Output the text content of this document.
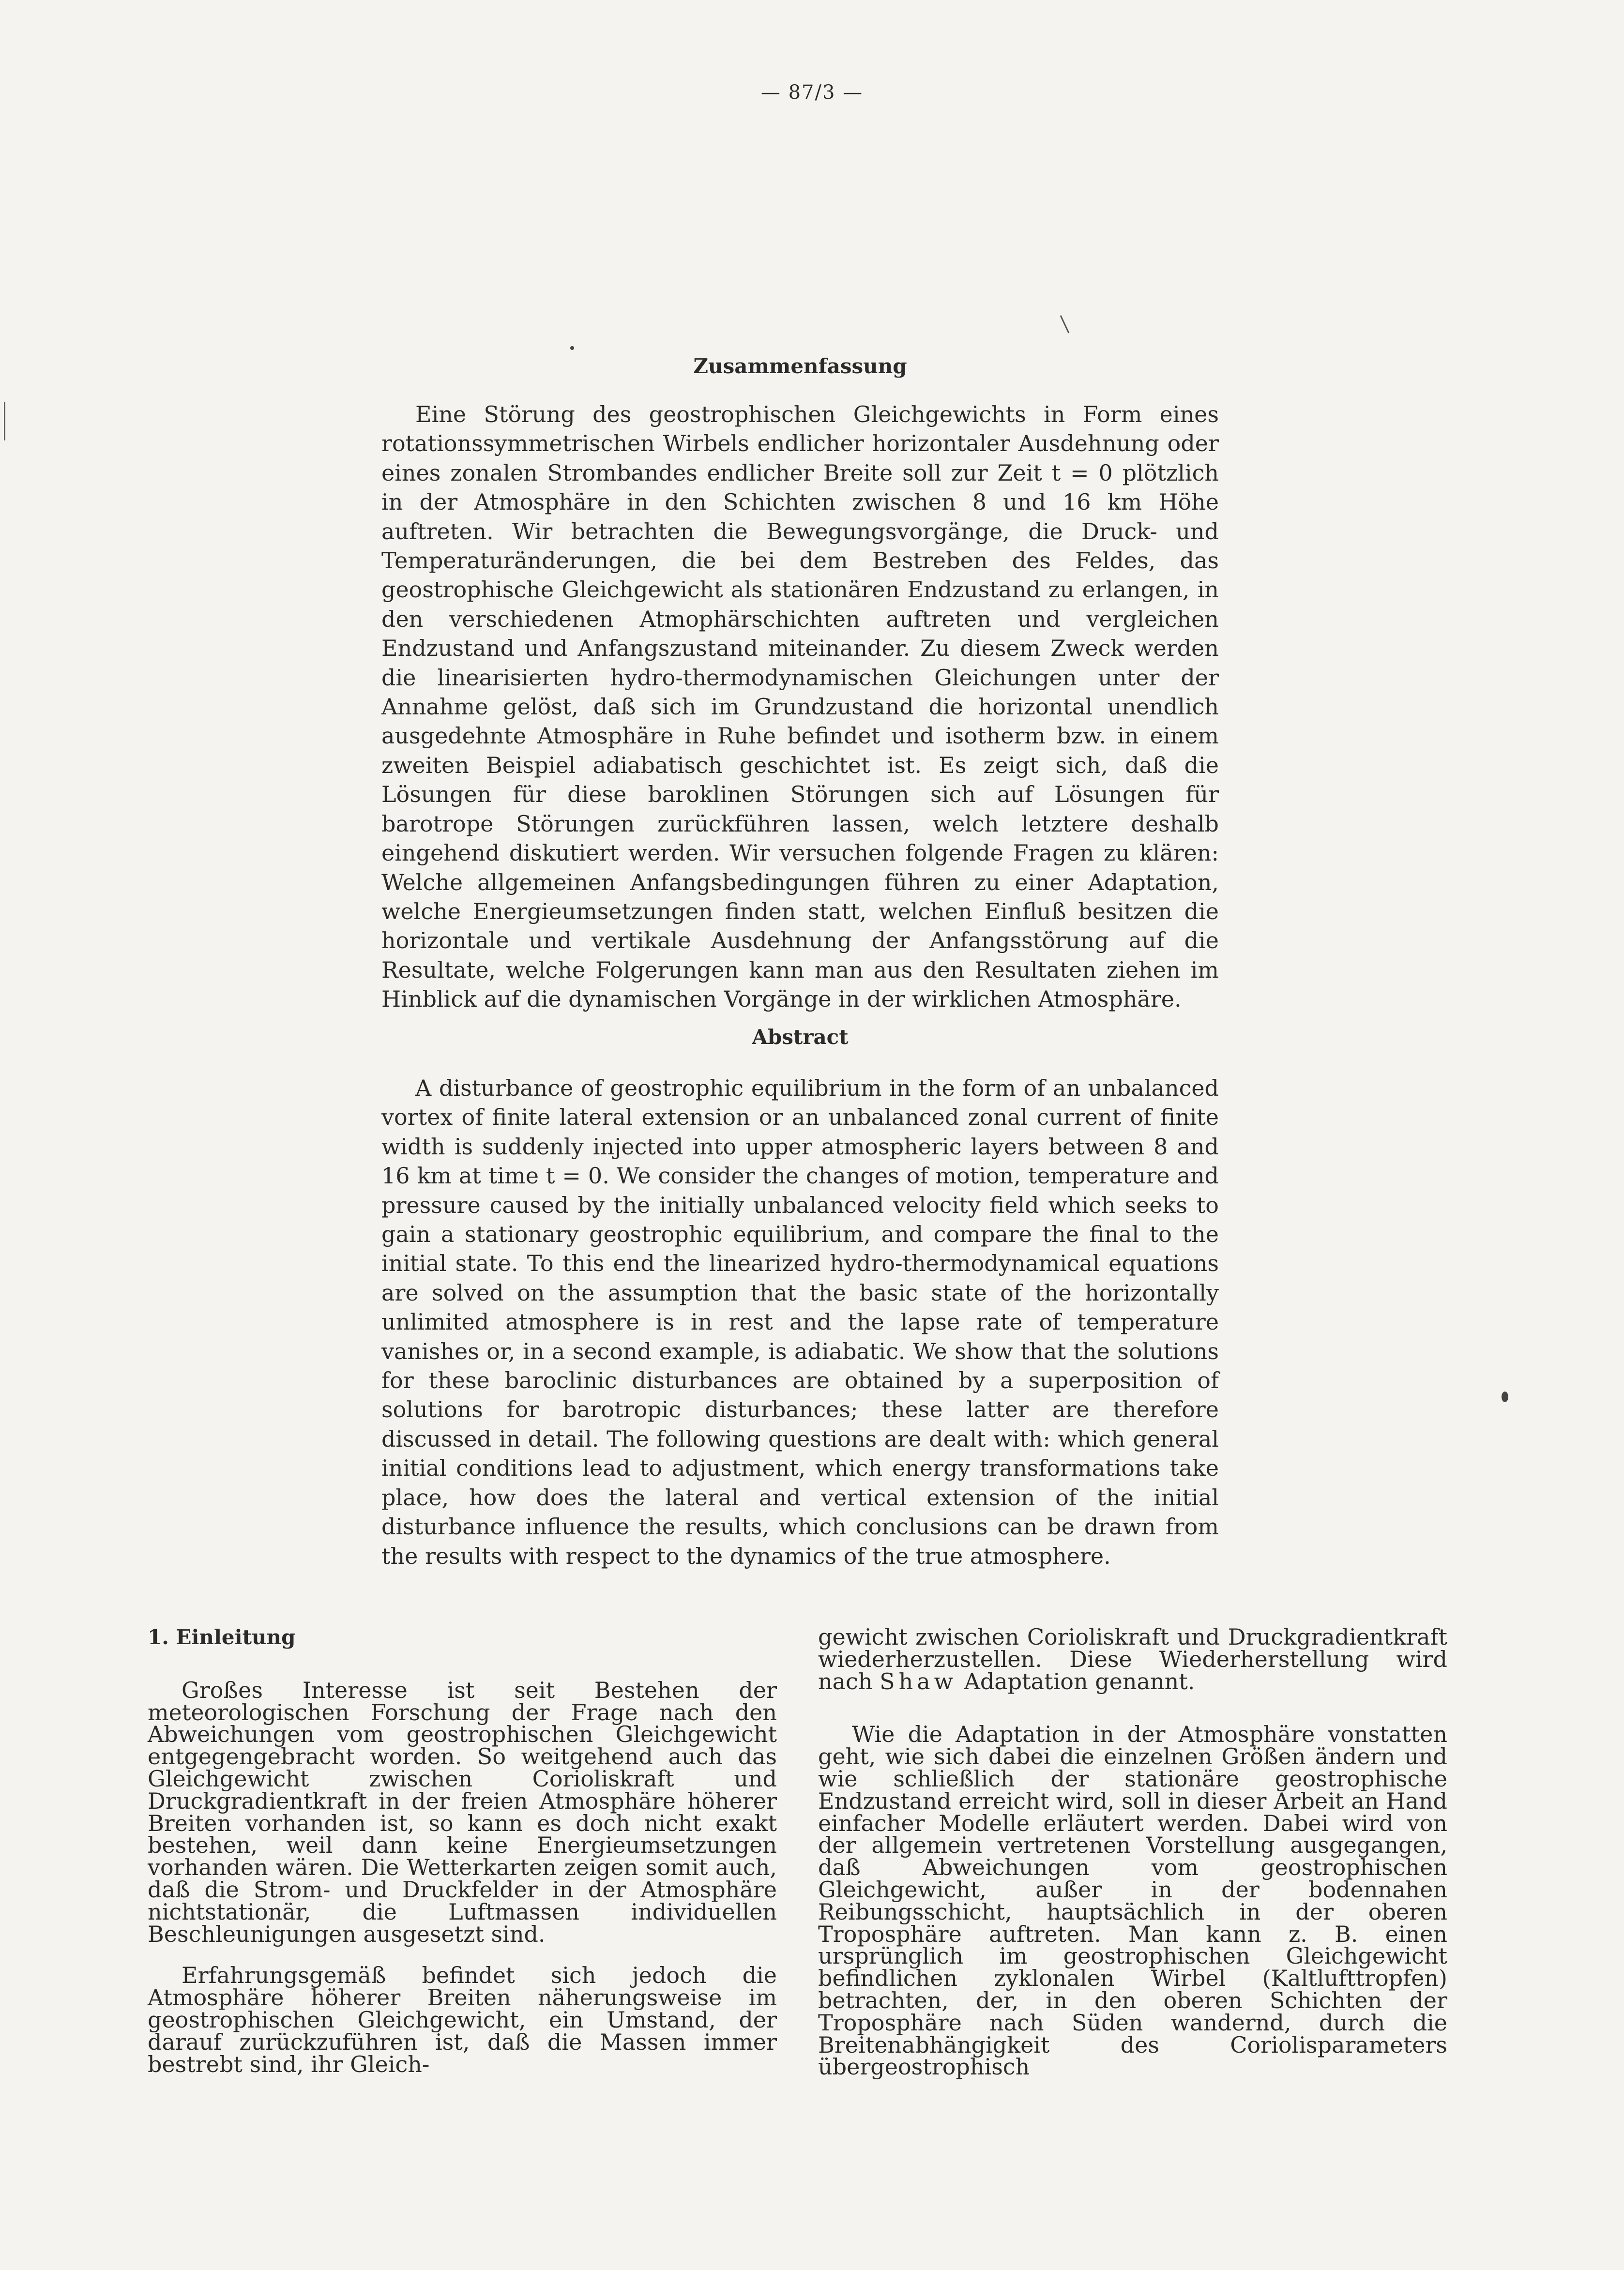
— 87/3 —
Zusammenfassung

Eine Störung des geostrophischen Gleichgewichts in Form eines rotationssymmetrischen Wirbels endlicher horizontaler Ausdehnung oder eines zonalen Strombandes endlicher Breite soll zur Zeit t = 0 plötzlich in der Atmosphäre in den Schichten zwischen 8 und 16 km Höhe auftreten. Wir betrachten die Bewegungsvorgänge, die Druck- und Temperaturänderungen, die bei dem Bestreben des Feldes, das geostrophische Gleichgewicht als stationären Endzustand zu erlangen, in den verschiedenen Atmophärschichten auftreten und vergleichen Endzustand und Anfangszustand miteinander. Zu diesem Zweck werden die linearisierten hydro-thermodynamischen Gleichungen unter der Annahme gelöst, daß sich im Grundzustand die horizontal unendlich ausgedehnte Atmosphäre in Ruhe befindet und isotherm bzw. in einem zweiten Beispiel adiabatisch geschichtet ist. Es zeigt sich, daß die Lösungen für diese baroklinen Störungen sich auf Lösungen für barotrope Störungen zurückführen lassen, welch letztere deshalb eingehend diskutiert werden. Wir versuchen folgende Fragen zu klären: Welche allgemeinen Anfangsbedingungen führen zu einer Adaptation, welche Energieumsetzungen finden statt, welchen Einfluß besitzen die horizontale und vertikale Ausdehnung der Anfangsstörung auf die Resultate, welche Folgerungen kann man aus den Resultaten ziehen im Hinblick auf die dynamischen Vorgänge in der wirklichen Atmosphäre.

Abstract

A disturbance of geostrophic equilibrium in the form of an unbalanced vortex of finite lateral extension or an unbalanced zonal current of finite width is suddenly injected into upper atmospheric layers between 8 and 16 km at time t = 0. We consider the changes of motion, temperature and pressure caused by the initially unbalanced velocity field which seeks to gain a stationary geostrophic equilibrium, and compare the final to the initial state. To this end the linearized hydro-thermodynamical equations are solved on the assumption that the basic state of the horizontally unlimited atmosphere is in rest and the lapse rate of temperature vanishes or, in a second example, is adiabatic. We show that the solutions for these baroclinic disturbances are obtained by a superposition of solutions for barotropic disturbances; these latter are therefore discussed in detail. The following questions are dealt with: which general initial conditions lead to adjustment, which energy transformations take place, how does the lateral and vertical extension of the initial disturbance influence the results, which conclusions can be drawn from the results with respect to the dynamics of the true atmosphere.

1. Einleitung

Großes Interesse ist seit Bestehen der meteorologischen Forschung der Frage nach den Abweichungen vom geostrophischen Gleichgewicht entgegengebracht worden. So weitgehend auch das Gleichgewicht zwischen Corioliskraft und Druckgradientkraft in der freien Atmosphäre höherer Breiten vorhanden ist, so kann es doch nicht exakt bestehen, weil dann keine Energieumsetzungen vorhanden wären. Die Wetterkarten zeigen somit auch, daß die Strom- und Druckfelder in der Atmosphäre nichtstationär, die Luftmassen individuellen Beschleunigungen ausgesetzt sind.

Erfahrungsgemäß befindet sich jedoch die Atmosphäre höherer Breiten näherungsweise im geostrophischen Gleichgewicht, ein Umstand, der darauf zurückzuführen ist, daß die Massen immer bestrebt sind, ihr Gleich-

gewicht zwischen Corioliskraft und Druckgradientkraft wiederherzustellen. Diese Wiederherstellung wird nach Shaw Adaptation genannt.

Wie die Adaptation in der Atmosphäre vonstatten geht, wie sich dabei die einzelnen Größen ändern und wie schließlich der stationäre geostrophische Endzustand erreicht wird, soll in dieser Arbeit an Hand einfacher Modelle erläutert werden. Dabei wird von der allgemein vertretenen Vorstellung ausgegangen, daß Abweichungen vom geostrophischen Gleichgewicht, außer in der bodennahen Reibungsschicht, hauptsächlich in der oberen Troposphäre auftreten. Man kann z. B. einen ursprünglich im geostrophischen Gleichgewicht befindlichen zyklonalen Wirbel (Kaltlufttropfen) betrachten, der, in den oberen Schichten der Troposphäre nach Süden wandernd, durch die Breitenabhängigkeit des Coriolisparameters übergeostrophisch
